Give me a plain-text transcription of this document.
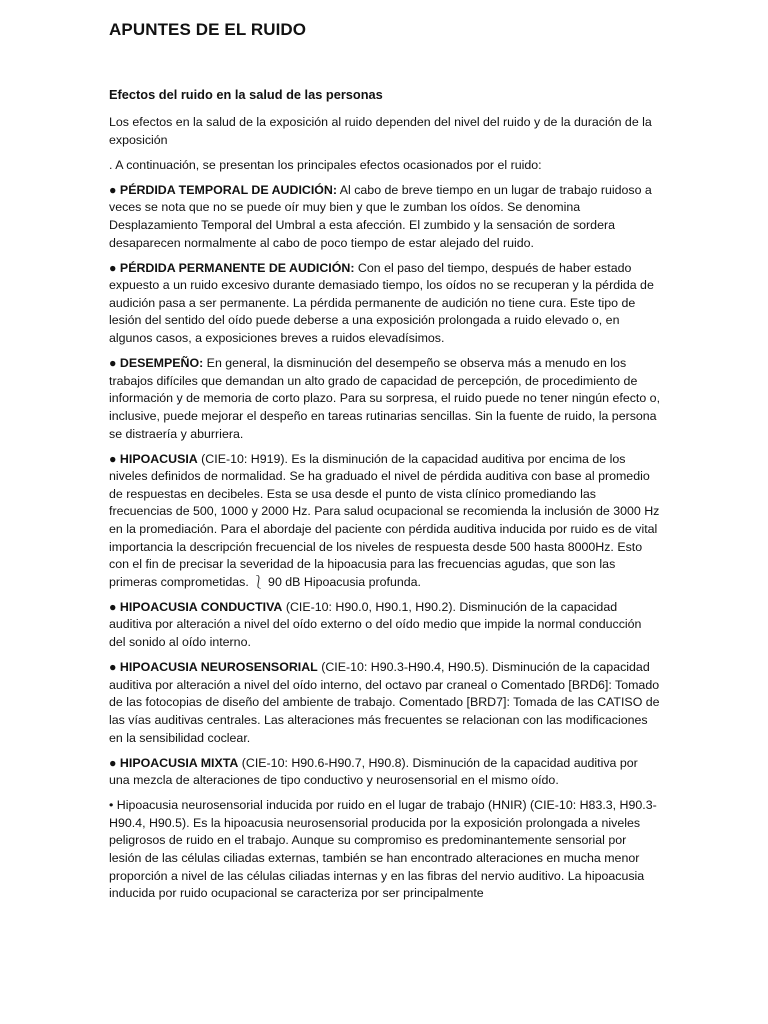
APUNTES DE EL RUIDO
Efectos del ruido en la salud de las personas

Los efectos en la salud de la exposición al ruido dependen del nivel del ruido y de la duración de la exposición

. A continuación, se presentan los principales efectos ocasionados por el ruido:

● PÉRDIDA TEMPORAL DE AUDICIÓN: Al cabo de breve tiempo en un lugar de trabajo ruidoso a veces se nota que no se puede oír muy bien y que le zumban los oídos. Se denomina Desplazamiento Temporal del Umbral a esta afección. El zumbido y la sensación de sordera desaparecen normalmente al cabo de poco tiempo de estar alejado del ruido.

● PÉRDIDA PERMANENTE DE AUDICIÓN: Con el paso del tiempo, después de haber estado expuesto a un ruido excesivo durante demasiado tiempo, los oídos no se recuperan y la pérdida de audición pasa a ser permanente. La pérdida permanente de audición no tiene cura. Este tipo de lesión del sentido del oído puede deberse a una exposición prolongada a ruido elevado o, en algunos casos, a exposiciones breves a ruidos elevadísimos.

● DESEMPEÑO: En general, la disminución del desempeño se observa más a menudo en los trabajos difíciles que demandan un alto grado de capacidad de percepción, de procedimiento de información y de memoria de corto plazo. Para su sorpresa, el ruido puede no tener ningún efecto o, inclusive, puede mejorar el despeño en tareas rutinarias sencillas. Sin la fuente de ruido, la persona se distraería y aburriera.

● HIPOACUSIA (CIE-10: H919). Es la disminución de la capacidad auditiva por encima de los niveles definidos de normalidad. Se ha graduado el nivel de pérdida auditiva con base al promedio de respuestas en decibeles. Esta se usa desde el punto de vista clínico promediando las frecuencias de 500, 1000 y 2000 Hz. Para salud ocupacional se recomienda la inclusión de 3000 Hz en la promediación. Para el abordaje del paciente con pérdida auditiva inducida por ruido es de vital importancia la descripción frecuencial de los niveles de respuesta desde 500 hasta 8000Hz. Esto con el fin de precisar la severidad de la hipoacusia para las frecuencias agudas, que son las primeras comprometidas. ⎱ 90 dB Hipoacusia profunda.

● HIPOACUSIA CONDUCTIVA (CIE-10: H90.0, H90.1, H90.2). Disminución de la capacidad auditiva por alteración a nivel del oído externo o del oído medio que impide la normal conducción del sonido al oído interno.

● HIPOACUSIA NEUROSENSORIAL (CIE-10: H90.3-H90.4, H90.5). Disminución de la capacidad auditiva por alteración a nivel del oído interno, del octavo par craneal o Comentado [BRD6]: Tomado de las fotocopias de diseño del ambiente de trabajo. Comentado [BRD7]: Tomada de las CATISO de las vías auditivas centrales. Las alteraciones más frecuentes se relacionan con las modificaciones en la sensibilidad coclear.

● HIPOACUSIA MIXTA (CIE-10: H90.6-H90.7, H90.8). Disminución de la capacidad auditiva por una mezcla de alteraciones de tipo conductivo y neurosensorial en el mismo oído.

• Hipoacusia neurosensorial inducida por ruido en el lugar de trabajo (HNIR) (CIE-10: H83.3, H90.3-H90.4, H90.5). Es la hipoacusia neurosensorial producida por la exposición prolongada a niveles peligrosos de ruido en el trabajo. Aunque su compromiso es predominantemente sensorial por lesión de las células ciliadas externas, también se han encontrado alteraciones en mucha menor proporción a nivel de las células ciliadas internas y en las fibras del nervio auditivo. La hipoacusia inducida por ruido ocupacional se caracteriza por ser principalmente
